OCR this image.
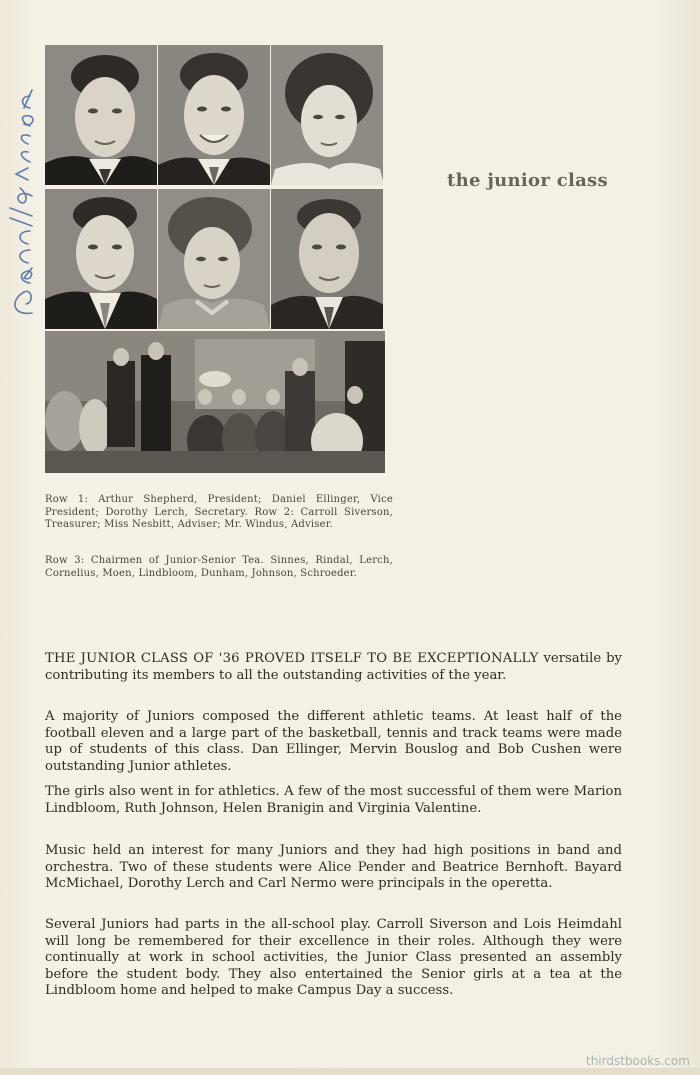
the junior class

Row 1: Arthur Shepherd, President; Daniel Ellinger, Vice President; Dorothy Lerch, Secretary. Row 2: Carroll Siverson, Treasurer; Miss Nesbitt, Adviser; Mr. Windus, Adviser.

Row 3: Chairmen of Junior-Senior Tea. Sinnes, Rindal, Lerch, Cornelius, Moen, Lindbloom, Dunham, Johnson, Schroeder.

THE JUNIOR CLASS OF '36 PROVED ITSELF TO BE EXCEPTIONALLY versatile by contributing its members to all the outstanding activities of the year.

A majority of Juniors composed the different athletic teams. At least half of the football eleven and a large part of the basketball, tennis and track teams were made up of students of this class. Dan Ellinger, Mervin Bouslog and Bob Cushen were outstanding Junior athletes.

The girls also went in for athletics. A few of the most successful of them were Marion Lindbloom, Ruth Johnson, Helen Branigin and Virginia Valentine.

Music held an interest for many Juniors and they had high positions in band and orchestra. Two of these students were Alice Pender and Beatrice Bernhoft. Bayard McMichael, Dorothy Lerch and Carl Nermo were principals in the operetta.

Several Juniors had parts in the all-school play. Carroll Siverson and Lois Heimdahl will long be remembered for their excellence in their roles. Although they were continually at work in school activities, the Junior Class presented an assembly before the student body. They also entertained the Senior girls at a tea at the Lindbloom home and helped to make Campus Day a success.

thirdstbooks.com
